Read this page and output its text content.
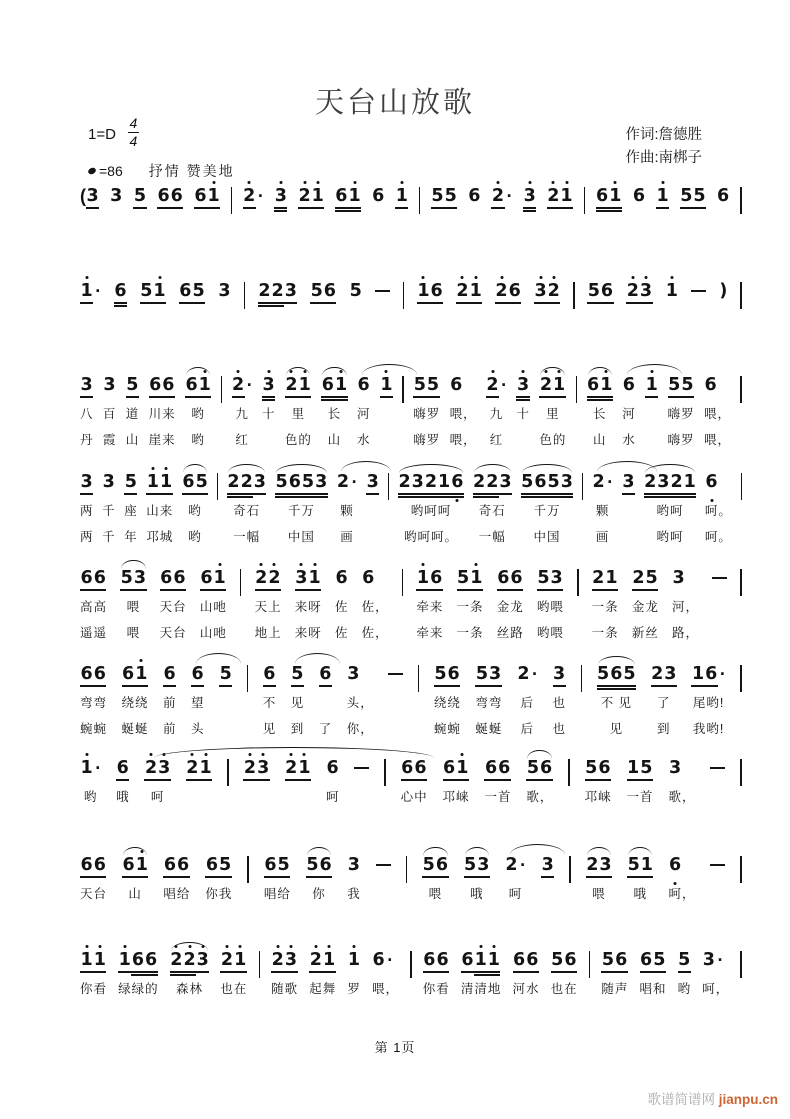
天台山放歌
1=D
4
4
=86 抒情 赞美地
作词:詹德胜
作曲:南梆子
( 3 3 5 6 6 6 1 2 · 3 2 1 6 1 6 1 5 5 6 2 · 3 2 1 6 1 6 1 5 5 6
1 · 6 5 1 6 5 3 2 2 3 5 6 5	1 6 2 1 2 6 3 2 5 6 2 3 1 )
3
八
丹
3
百
霞
5
道
山
6 6
川来
崖来
6 1
哟
哟
2 ·
九
红
3
十
2 1
里
色的
6 1
长
山
6
河
水
1 5 5
嗨罗
嗨罗
6
喂，
喂，
2 ·
九
红
3
十
2 1
里
色的
6 1
长
山
6
河
水
1 5 5
嗨罗
嗨罗
6
喂，
喂，
3
两
两
3
千
千
5
座
年
1 1
山来
邛城
6 5
哟
哟
2 2 3
奇石
一幅
5 6 5 3
千万
中国
2 ·
颗
画
3 2 3 2 1 6
哟呵呵
哟呵呵。
2 2 3
奇石
一幅
5 6 5 3
千万
中国
2 ·
颗
画
3 2 3 2 1
哟呵
哟呵
6
呵。
呵。
6 6
高高
遥遥
5 3
喂
喂
6 6
天台
天台
6 1
山吔
山吔
2 2
天上
地上
3 1
来呀
来呀
6
佐
佐
6
佐，
佐，
1 6
牵来
牵来
5 1
一条
一条
6 6
金龙
丝路
5 3
哟喂
哟喂
2 1
一条
一条
2 5
金龙
新丝
3
河，
路，
6 6
弯弯
蜿蜿
6 1
绕绕
蜒蜒
6
前
前
6
望
头
5 6
不
见
5
见
到
6
了
3
头，
你，
5 6
绕绕
蜿蜿
5 3
弯弯
蜒蜒
2 ·
后
后
3
也
也
5 6 5
不 见
见
2 3
了
到
1 6 ·
尾哟!
我哟!
1 ·
哟
6
哦
2 3
呵
2 1 2 3 2 1 6
呵
6 6
心中
6 1
邛崃
6 6
一首
5 6
歌，
5 6
邛崃
1 5
一首
3
歌，
6 6
天台
6 1
山
6 6
唱给
6 5
你我
6 5
唱给
5 6
你
3
我
5 6
喂
5 3
哦
2 ·
呵
3 2 3
喂
5 1
哦
6
呵，
1 1
你看
1 6 6
绿绿的
2 2 3
森林
2 1
也在
2 3
随歌
2 1
起舞
1
罗
6 ·
喂，
6 6
你看
6 1 1
清清地
6 6
河水
5 6
也在
5 6
随声
6 5
唱和
5
哟
3 ·
呵，
第 1页
歌谱简谱网 jianpu.cn
